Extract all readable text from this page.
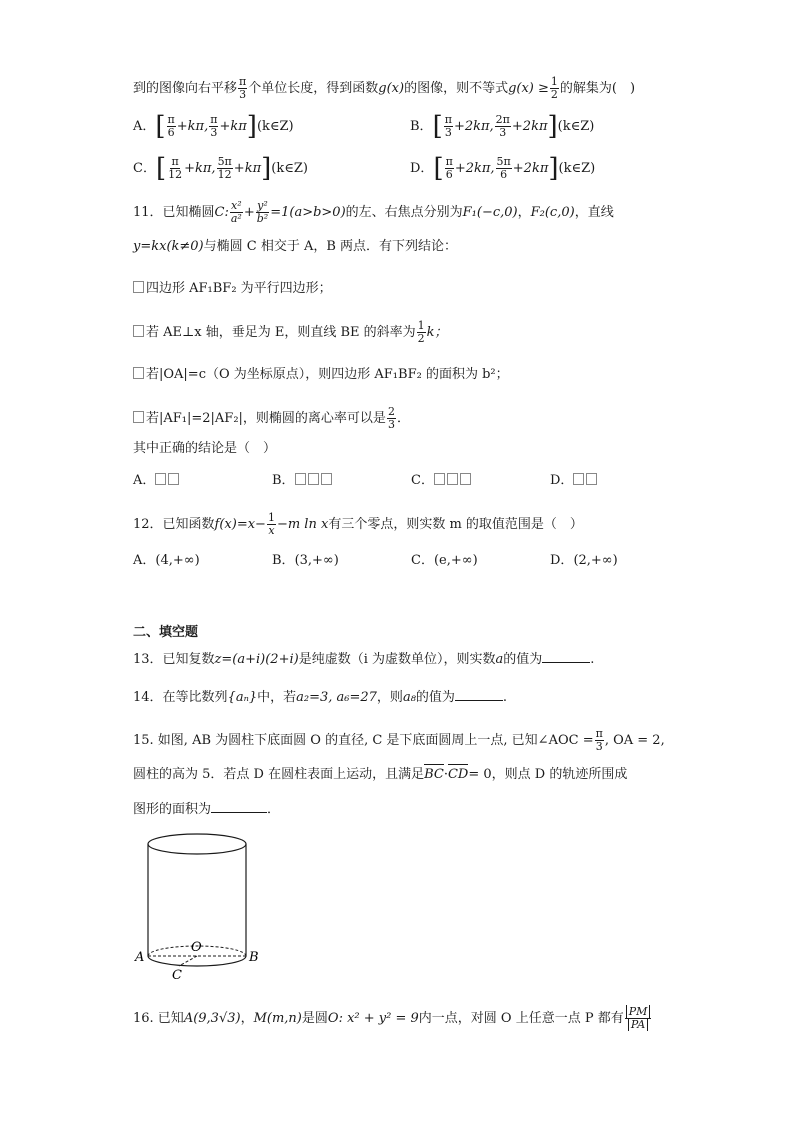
到的图像向右平移 $\frac{\pi}{3}$ 个单位长度，得到函数g(x)的图像，则不等式$g(x) \ge \frac{1}{2}$ 的解集为(　)
A．[ $\frac{\pi}{6} +k\pi$, $\frac{\pi}{3}$ +kπ](k∈Z)	B．[ $\frac{\pi}{3} +2k\pi$, $\frac{2\pi}{3}$ +2kπ](k∈Z)
C．[ $\frac{\pi}{12} +k\pi$, $\frac{5\pi}{12}$ +kπ](k∈Z)	D．[ $\frac{\pi}{6} +2k\pi$, $\frac{5\pi}{6}$ +2kπ](k∈Z)
11．已知椭圆C: $\frac{\text{x²}}{\text{a²}} + \frac{\text{y²}}{\text{b²}} =1(a>b>0)$的左、右焦点分别为F₁(−c,0)，F₂(c,0)，直线
y=kx(k≠0)与椭圆 C 相交于 A，B 两点．有下列结论：
四边形 AF₁BF₂ 为平行四边形；
若 AE⊥x 轴，垂足为 E，则直线 BE 的斜率为 $\frac{1}{2}$ k；
若|OA|=c（O 为坐标原点），则四边形 AF₁BF₂ 的面积为 b²；
若|AF₁|=2|AF₂|，则椭圆的离心率可以是 $\frac{2}{3}$ ．
其中正确的结论是（　）
A．	B．	C．	D．
12．已知函数$f(x)=x- \frac{1}{x} -m$ ln x有三个零点，则实数 m 的取值范围是（　）
A．(4,+∞)	B．(3,+∞)	C．(e,+∞)	D．(2,+∞)
二、填空题
13．已知复数z=(a+i)(2+i)是纯虚数（i 为虚数单位），则实数a的值为	.
14．在等比数列{aₙ}中，若a₂=3, a₆=27，则a₈的值为	.
15. 如图, AB 为圆柱下底面圆 O 的直径, C 是下底面圆周上一点, 已知∠AOC = $\frac{\pi}{3}$ , OA = 2,
圆柱的高为 5．若点 D 在圆柱表面上运动，且满足BC·CD= 0，则点 D 的轨迹所围成
图形的面积为	．
A
O
B
C
16. 已知A(9,3√3)，M(m,n)是圆O: x² + y² = 9内一点，对圆 O 上任意一点 P 都有 $\frac{PM}{PA}$
